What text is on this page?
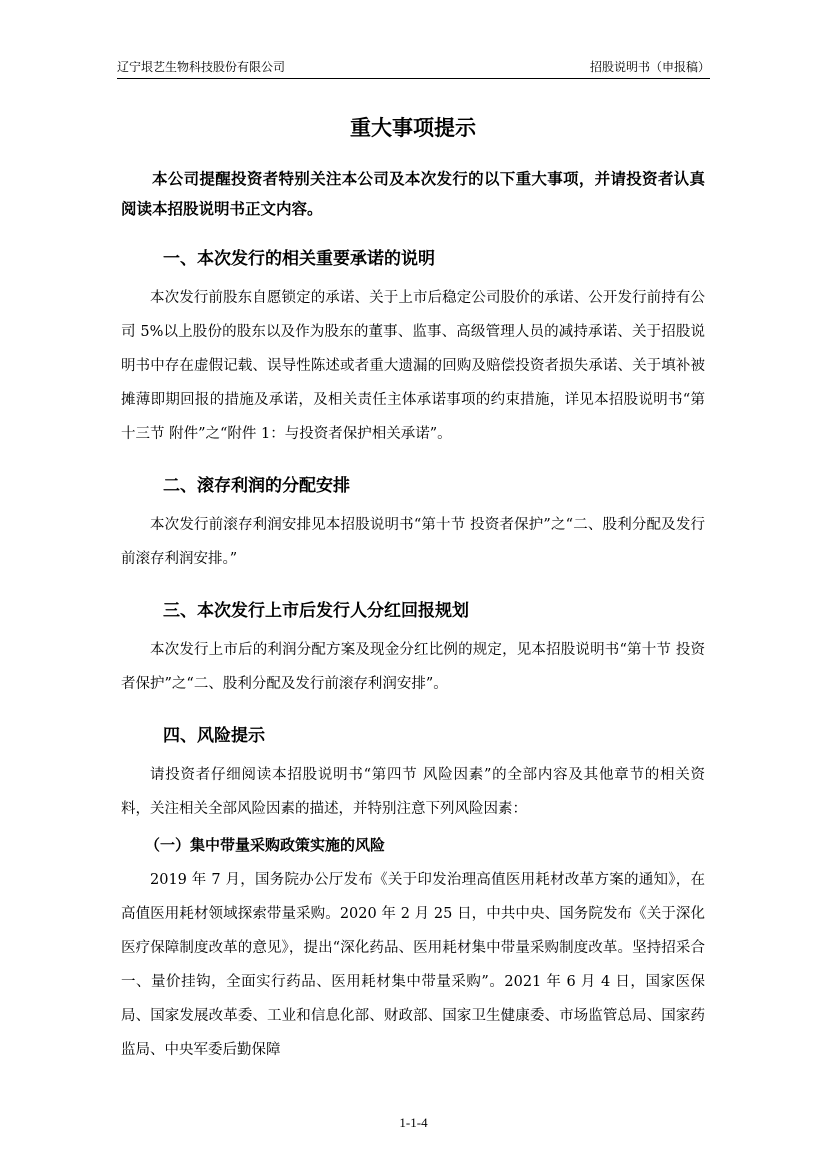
辽宁垠艺生物科技股份有限公司	招股说明书（申报稿）
重大事项提示

本公司提醒投资者特别关注本公司及本次发行的以下重大事项，并请投资者认真阅读本招股说明书正文内容。

一、本次发行的相关重要承诺的说明

本次发行前股东自愿锁定的承诺、关于上市后稳定公司股价的承诺、公开发行前持有公司 5%以上股份的股东以及作为股东的董事、监事、高级管理人员的减持承诺、关于招股说明书中存在虚假记载、误导性陈述或者重大遗漏的回购及赔偿投资者损失承诺、关于填补被摊薄即期回报的措施及承诺，及相关责任主体承诺事项的约束措施，详见本招股说明书“第十三节 附件”之“附件 1：与投资者保护相关承诺”。

二、滚存利润的分配安排

本次发行前滚存利润安排见本招股说明书“第十节 投资者保护”之“二、股利分配及发行前滚存利润安排。”

三、本次发行上市后发行人分红回报规划

本次发行上市后的利润分配方案及现金分红比例的规定，见本招股说明书“第十节 投资者保护”之“二、股利分配及发行前滚存利润安排”。

四、风险提示

请投资者仔细阅读本招股说明书“第四节 风险因素”的全部内容及其他章节的相关资料，关注相关全部风险因素的描述，并特别注意下列风险因素：

（一）集中带量采购政策实施的风险

2019 年 7 月，国务院办公厅发布《关于印发治理高值医用耗材改革方案的通知》，在高值医用耗材领域探索带量采购。2020 年 2 月 25 日，中共中央、国务院发布《关于深化医疗保障制度改革的意见》，提出“深化药品、医用耗材集中带量采购制度改革。坚持招采合一、量价挂钩，全面实行药品、医用耗材集中带量采购”。2021 年 6 月 4 日，国家医保局、国家发展改革委、工业和信息化部、财政部、国家卫生健康委、市场监管总局、国家药监局、中央军委后勤保障

1-1-4
